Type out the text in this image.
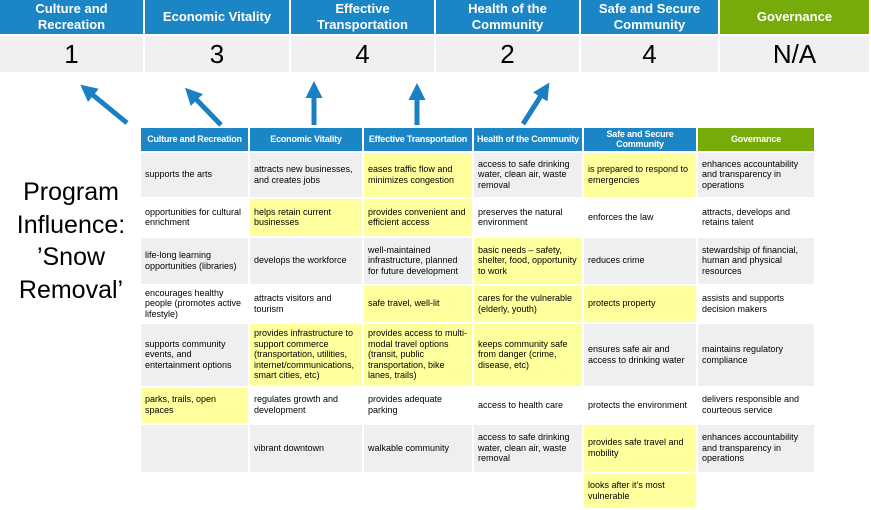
Culture and Recreation	Economic Vitality	Effective Transportation	Health of the Community	Safe and Secure Community	Governance
1	3	4	2	4	N/A
Program Influence: ’Snow Removal’
Culture and Recreation	Economic Vitality	Effective Transportation	Health of the Community	Safe and Secure Community	Governance
supports the arts	attracts new businesses, and creates jobs	eases traffic flow and minimizes congestion	access to safe drinking water, clean air, waste removal	is prepared to respond to emergencies	enhances accountability and transparency in operations
opportunities for cultural enrichment	helps retain current businesses	provides convenient and efficient access	preserves the natural environment	enforces the law	attracts, develops and retains talent
life-long learning opportunities (libraries)	develops the workforce	well-maintained infrastructure, planned for future development	basic needs – safety, shelter, food, opportunity to work	reduces crime	stewardship of financial, human and physical resources
encourages healthy people (promotes active lifestyle)	attracts visitors and tourism	safe travel, well-lit	cares for the vulnerable (elderly, youth)	protects property	assists and supports decision makers
supports community events, and entertainment options	provides infrastructure to support commerce (transportation, utilities, internet/communications, smart cities, etc)	provides access to multi-modal travel options (transit, public transportation, bike lanes, trails)	keeps community safe from danger (crime, disease, etc)	ensures safe air and access to drinking water	maintains regulatory compliance
parks, trails, open spaces	regulates growth and development	provides adequate parking	access to health care	protects the environment	delivers responsible and courteous service
	vibrant downtown	walkable community	access to safe drinking water, clean air, waste removal	provides safe travel and mobility	enhances accountability and transparency in operations
				looks after it's most vulnerable	
